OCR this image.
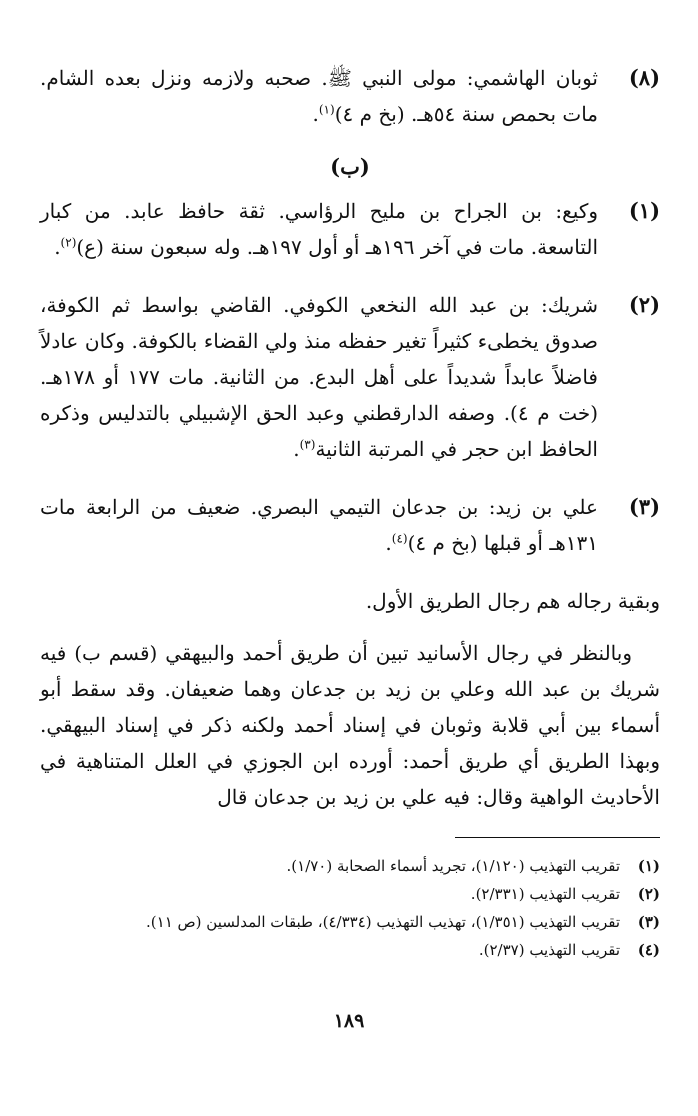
(٨)
ثوبان الهاشمي: مولى النبي ﷺ. صحبه ولازمه ونزل بعده الشام. مات بحمص سنة ٥٤هـ. (بخ م ٤)$^{(١)}$.
(ب)
(١)
وكيع: بن الجراح بن مليح الرؤاسي. ثقة حافظ عابد. من كبار التاسعة. مات في آخر ١٩٦هـ أو أول ١٩٧هـ. وله سبعون سنة (ع)$^{(٢)}$.
(٢)
شريك: بن عبد الله النخعي الكوفي. القاضي بواسط ثم الكوفة، صدوق يخطىء كثيراً تغير حفظه منذ ولي القضاء بالكوفة. وكان عادلاً فاضلاً عابداً شديداً على أهل البدع. من الثانية. مات ١٧٧ أو ١٧٨هـ. (خت م ٤). وصفه الدارقطني وعبد الحق الإشبيلي بالتدليس وذكره الحافظ ابن حجر في المرتبة الثانية$^{(٣)}$.
(٣)
علي بن زيد: بن جدعان التيمي البصري. ضعيف من الرابعة مات ١٣١هـ أو قبلها (بخ م ٤)$^{(٤)}$.

وبقية رجاله هم رجال الطريق الأول.

وبالنظر في رجال الأسانيد تبين أن طريق أحمد والبيهقي (قسم ب) فيه شريك بن عبد الله وعلي بن زيد بن جدعان وهما ضعيفان. وقد سقط أبو أسماء بين أبي قلابة وثوبان في إسناد أحمد ولكنه ذكر في إسناد البيهقي. وبهذا الطريق أي طريق أحمد: أورده ابن الجوزي في العلل المتناهية في الأحاديث الواهية وقال: فيه علي بن زيد بن جدعان قال

(١)
تقريب التهذيب (١/١٢٠)، تجريد أسماء الصحابة (١/٧٠).
(٢)
تقريب التهذيب (٢/٣٣١).
(٣)
تقريب التهذيب (١/٣٥١)، تهذيب التهذيب (٤/٣٣٤)، طبقات المدلسين (ص ١١).
(٤)
تقريب التهذيب (٢/٣٧).
١٨٩
